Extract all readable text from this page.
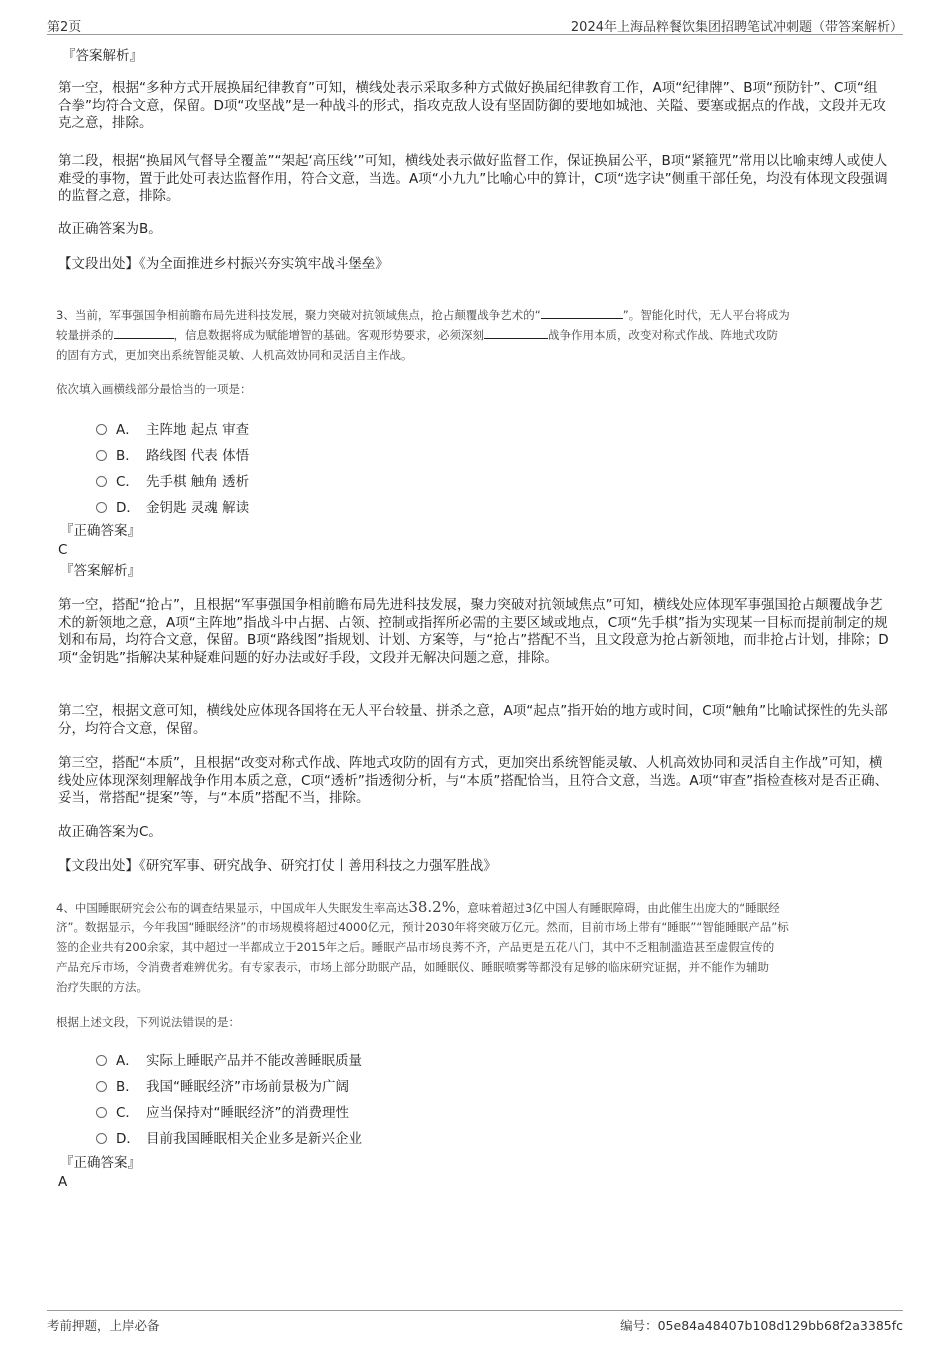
第2页	2024年上海品粹餐饮集团招聘笔试冲刺题（带答案解析）
『答案解析』
第一空，根据“多种方式开展换届纪律教育”可知，横线处表示采取多种方式做好换届纪律教育工作，A项“纪律牌”、B项“预防针”、C项“组合拳”均符合文意，保留。D项“攻坚战”是一种战斗的形式，指攻克敌人设有坚固防御的要地如城池、关隘、要塞或据点的作战，文段并无攻克之意，排除。
第二段，根据“换届风气督导全覆盖”“架起‘高压线’”可知，横线处表示做好监督工作，保证换届公平，B项“紧箍咒”常用以比喻束缚人或使人难受的事物，置于此处可表达监督作用，符合文意，当选。A项“小九九”比喻心中的算计，C项“选字诀”侧重干部任免，均没有体现文段强调的监督之意，排除。
故正确答案为B。
【文段出处】《为全面推进乡村振兴夯实筑牢战斗堡垒》
3、当前，军事强国争相前瞻布局先进科技发展，聚力突破对抗领域焦点，抢占颠覆战争艺术的“	”。智能化时代，无人平台将成为
较量拼杀的	，信息数据将成为赋能增智的基础。客观形势要求，必须深刻	战争作用本质，改变对称式作战、阵地式攻防
的固有方式，更加突出系统智能灵敏、人机高效协同和灵活自主作战。
依次填入画横线部分最恰当的一项是：
A． 主阵地 起点 审查
B． 路线图 代表 体悟
C． 先手棋 触角 透析
D． 金钥匙 灵魂 解读
『正确答案』
C
『答案解析』
第一空，搭配“抢占”，且根据“军事强国争相前瞻布局先进科技发展，聚力突破对抗领域焦点”可知，横线处应体现军事强国抢占颠覆战争艺术的新领地之意，A项“主阵地”指战斗中占据、占领、控制或指挥所必需的主要区域或地点，C项“先手棋”指为实现某一目标而提前制定的规划和布局，均符合文意，保留。B项“路线图”指规划、计划、方案等，与“抢占”搭配不当，且文段意为抢占新领地，而非抢占计划，排除；D项“金钥匙”指解决某种疑难问题的好办法或好手段，文段并无解决问题之意，排除。
第二空，根据文意可知，横线处应体现各国将在无人平台较量、拼杀之意，A项“起点”指开始的地方或时间，C项“触角”比喻试探性的先头部分，均符合文意，保留。
第三空，搭配“本质”，且根据“改变对称式作战、阵地式攻防的固有方式，更加突出系统智能灵敏、人机高效协同和灵活自主作战”可知，横线处应体现深刻理解战争作用本质之意，C项“透析”指透彻分析，与“本质”搭配恰当，且符合文意，当选。A项“审查”指检查核对是否正确、妥当，常搭配“提案”等，与“本质”搭配不当，排除。
故正确答案为C。
【文段出处】《研究军事、研究战争、研究打仗丨善用科技之力强军胜战》
4、中国睡眠研究会公布的调查结果显示，中国成年人失眠发生率高达38.2%，意味着超过3亿中国人有睡眠障碍，由此催生出庞大的“睡眠经
济”。数据显示，今年我国“睡眠经济”的市场规模将超过4000亿元，预计2030年将突破万亿元。然而，目前市场上带有“睡眠”“智能睡眠产品”标
签的企业共有200余家，其中超过一半都成立于2015年之后。睡眠产品市场良莠不齐，产品更是五花八门，其中不乏粗制滥造甚至虚假宣传的
产品充斥市场，令消费者难辨优劣。有专家表示，市场上部分助眠产品，如睡眠仪、睡眠喷雾等都没有足够的临床研究证据，并不能作为辅助
治疗失眠的方法。
根据上述文段，下列说法错误的是：
A． 实际上睡眠产品并不能改善睡眠质量
B． 我国“睡眠经济”市场前景极为广阔
C． 应当保持对“睡眠经济”的消费理性
D． 目前我国睡眠相关企业多是新兴企业
『正确答案』
A
考前押题，上岸必备	编号：05e84a48407b108d129bb68f2a3385fc
